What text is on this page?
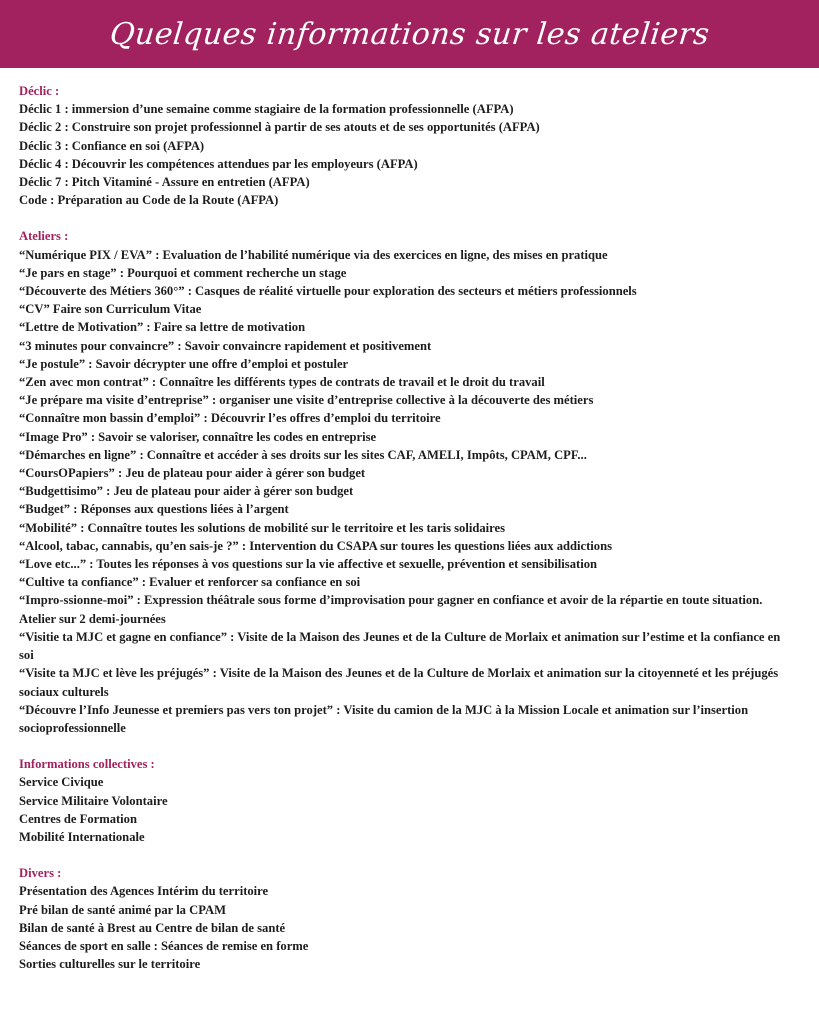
Quelques informations sur les ateliers
Déclic :
Déclic 1 : immersion d’une semaine comme stagiaire de la formation professionnelle (AFPA)
Déclic 2 : Construire son projet professionnel à partir de ses atouts et de ses opportunités (AFPA)
Déclic 3 : Confiance en soi (AFPA)
Déclic 4 : Découvrir les compétences attendues par les employeurs (AFPA)
Déclic 7 : Pitch Vitaminé - Assure en entretien (AFPA)
Code : Préparation au Code de la Route (AFPA)
Ateliers :
“Numérique PIX / EVA” : Evaluation de l’habilité numérique via des exercices en ligne, des mises en pratique
“Je pars en stage” : Pourquoi et comment recherche un stage
“Découverte des Métiers 360°” : Casques de réalité virtuelle pour exploration des secteurs et métiers professionnels
“CV” Faire son Curriculum Vitae
“Lettre de Motivation” : Faire sa lettre de motivation
“3 minutes pour convaincre” : Savoir convaincre rapidement et positivement
“Je postule” : Savoir décrypter une offre d’emploi et postuler
“Zen avec mon contrat” : Connaître les différents types de contrats de travail et le droit du travail
“Je prépare ma visite d’entreprise” : organiser une visite d’entreprise collective à la découverte des métiers
“Connaître mon bassin d’emploi” : Découvrir l’es offres d’emploi du territoire
“Image Pro” : Savoir se valoriser, connaître les codes en entreprise
“Démarches en ligne” : Connaître et accéder à ses droits sur les sites CAF, AMELI, Impôts, CPAM, CPF...
“CoursOPapiers” : Jeu de plateau pour aider à gérer son budget
“Budgettisimo” : Jeu de plateau pour aider à gérer son budget
“Budget” : Réponses aux questions liées à l’argent
“Mobilité” : Connaître toutes les solutions de mobilité sur le territoire et les taris solidaires
“Alcool, tabac, cannabis, qu’en sais-je ?” : Intervention du CSAPA sur toures les questions liées aux addictions
“Love etc...” : Toutes les réponses à vos questions sur la vie affective et sexuelle, prévention et sensibilisation
“Cultive ta confiance” : Evaluer et renforcer sa confiance en soi
“Impro-ssionne-moi” : Expression théâtrale sous forme d’improvisation pour gagner en confiance et avoir de la répartie en toute situation. Atelier sur 2 demi-journées
“Visitie ta MJC et gagne en confiance” : Visite de la Maison des Jeunes et de la Culture de Morlaix et animation sur l’estime et la confiance en soi
“Visite ta MJC et lève les préjugés” : Visite de la Maison des Jeunes et de la Culture de Morlaix et animation sur la citoyenneté et les préjugés sociaux culturels
“Découvre l’Info Jeunesse et premiers pas vers ton projet” : Visite du camion de la MJC à la Mission Locale et animation sur l’insertion socioprofessionnelle
Informations collectives :
Service Civique
Service Militaire Volontaire
Centres de Formation
Mobilité Internationale
Divers :
Présentation des Agences Intérim du territoire
Pré bilan de santé animé par la CPAM
Bilan de santé à Brest au Centre de bilan de santé
Séances de sport en salle : Séances de remise en forme
Sorties culturelles sur le territoire
